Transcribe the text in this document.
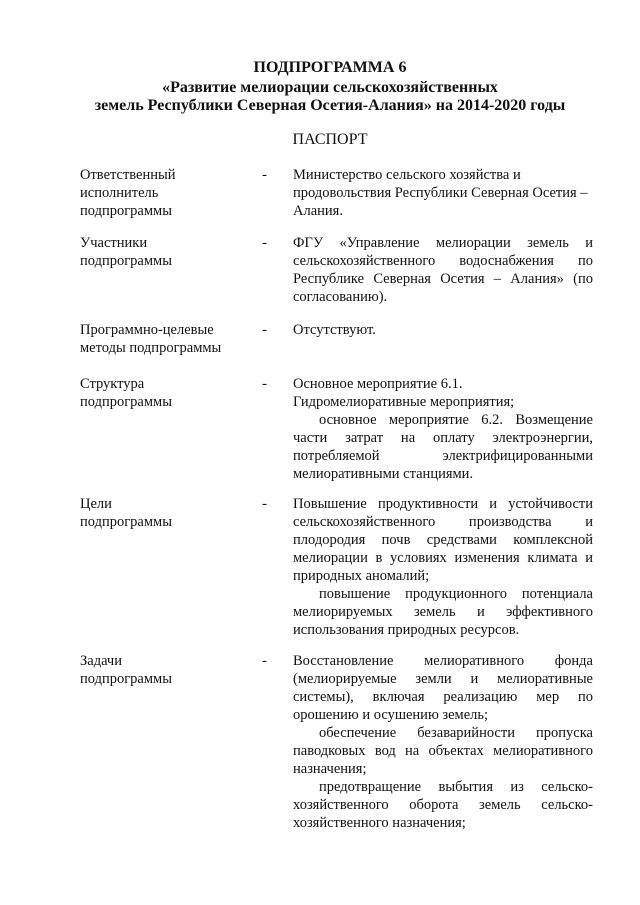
ПОДПРОГРАММА 6
«Развитие мелиорации сельскохозяйственных
земель Республики Северная Осетия-Алания» на 2014-2020 годы
ПАСПОРТ
Ответственный
исполнитель
подпрограммы
- Министерство сельского хозяйства и продовольствия Республики Северная Осетия – Алания.

Участники
подпрограммы
- ФГУ «Управление мелиорации земель и сельскохозяйственного водоснабжения по Республике Северная Осетия – Алания» (по согласованию).

Программно-целевые
методы подпрограммы
- Отсутствуют.

Структура
подпрограммы
- Основное мероприятие 6.1.

Гидромелиоративные мероприятия;

основное мероприятие 6.2. Возмещение части затрат на оплату электроэнергии, потребляемой электрифицированными мелиоративными станциями.

Цели
подпрограммы
- Повышение продуктивности и устойчивости сельскохозяйственного производства и плодородия почв средствами комплексной мелиорации в условиях изменения климата и природных аномалий;

повышение продукционного потенциала мелиорируемых земель и эффективного использования природных ресурсов.

Задачи
подпрограммы
- Восстановление мелиоративного фонда (мелиорируемые земли и мелиоративные системы), включая реализацию мер по орошению и осушению земель;

обеспечение безаварийности пропуска паводковых вод на объектах мелиоративного назначения;

предотвращение выбытия из сельско-хозяйственного оборота земель сельско-хозяйственного назначения;
